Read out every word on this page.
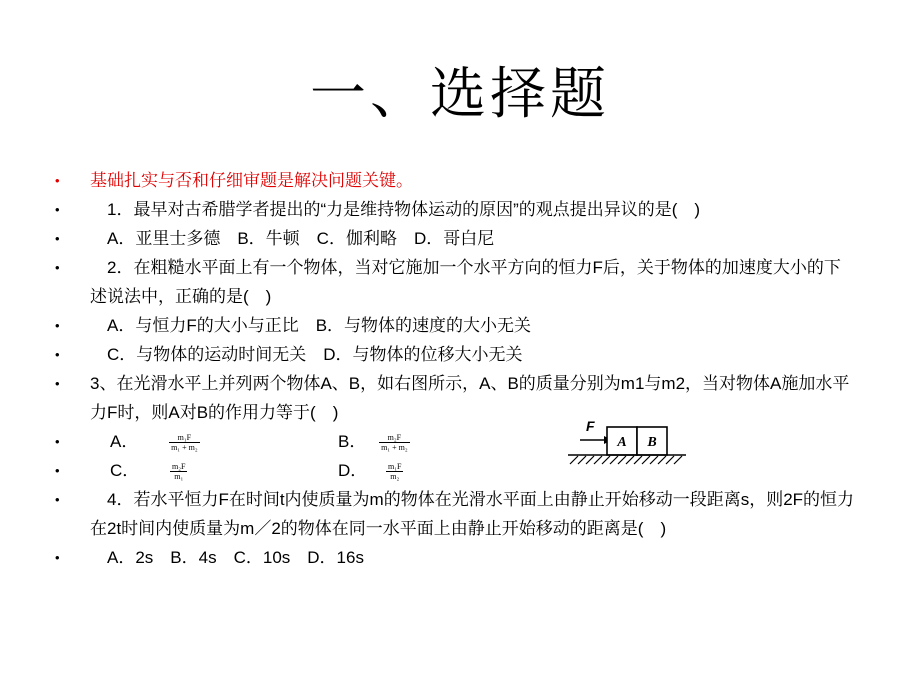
一、选择题
• 基础扎实与否和仔细审题是解决问题关键。
• 　1．最早对古希腊学者提出的“力是维持物体运动的原因”的观点提出异议的是(　)
• 　A．亚里士多德　B．牛顿　C．伽利略　D．哥白尼
• 　2．在粗糙水平面上有一个物体，当对它施加一个水平方向的恒力F后，关于物体的加速度大小的下述说法中，正确的是(　)
• 　A．与恒力F的大小与正比　B．与物体的速度的大小无关
• 　C．与物体的运动时间无关　D．与物体的位移大小无关
• 3、在光滑水平上并列两个物体A、B，如右图所示，A、B的质量分别为m1与m2，当对物体A施加水平力F时，则A对B的作用力等于(　)
•	A．	$\frac{\text{m₁F}}{\text{m₁ + m₂}}$	B． $\frac{\text{m₂F}}{\text{m₁ + m₂}}$
•	C．	$\frac{\text{m₂F}}{\text{m₁}}$	D． $\frac{\text{m₁F}}{\text{m₂}}$
• 　4．若水平恒力F在时间t内使质量为m的物体在光滑水平面上由静止开始移动一段距离s，则2F的恒力在2t时间内使质量为m／2的物体在同一水平面上由静止开始移动的距离是(　)
• 　A．2s　B．4s　C．10s　D．16s
F
A B
